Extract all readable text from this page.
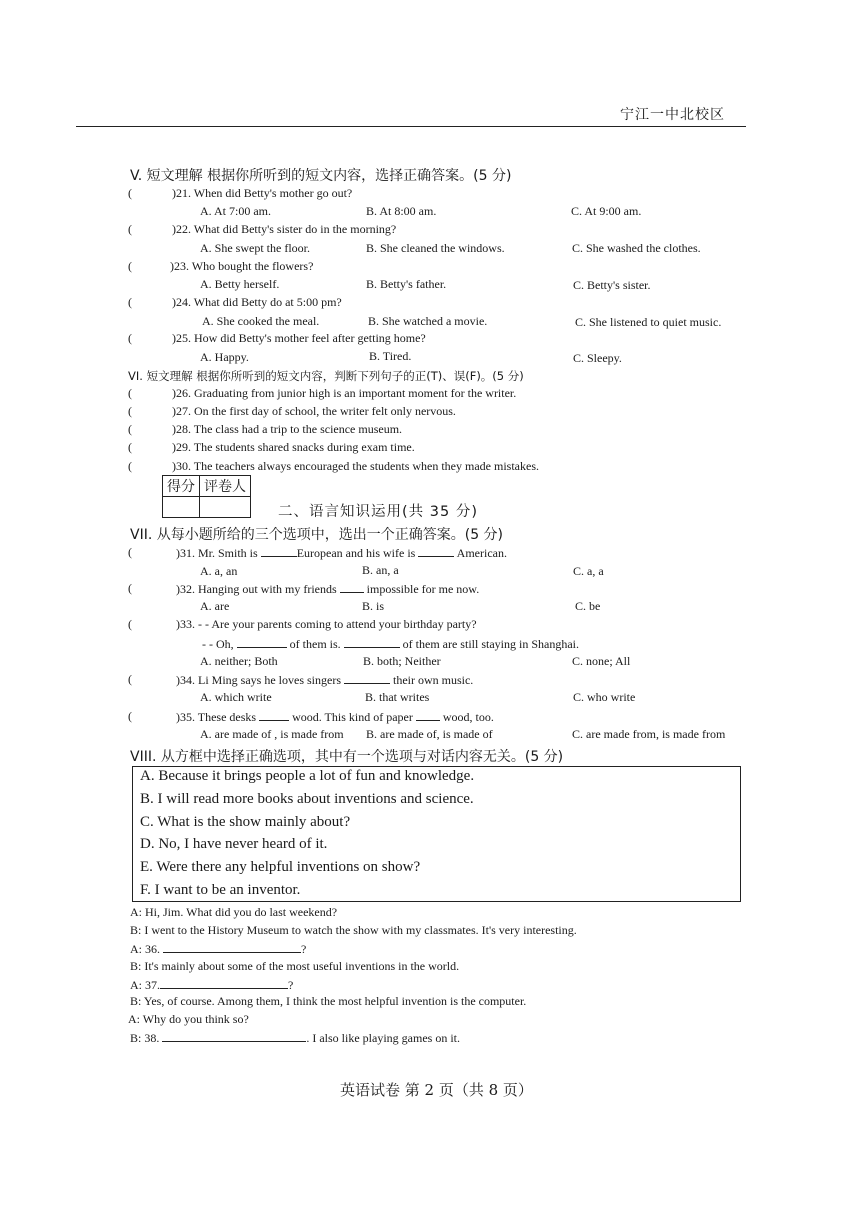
宁江一中北校区
V. 短文理解 根据你所听到的短文内容，选择正确答案。(5 分)
(	)21. When did Betty's mother go out?
A. At 7:00 am.	B. At 8:00 am.	C. At 9:00 am.
(	)22. What did Betty's sister do in the morning?
A. She swept the floor.	B. She cleaned the windows.	C. She washed the clothes.
(	)23. Who bought the flowers?
A. Betty herself.	B. Betty's father.	C. Betty's sister.
(	)24. What did Betty do at 5:00 pm?
A. She cooked the meal.	B. She watched a movie.	C. She listened to quiet music.
(	)25. How did Betty's mother feel after getting home?
A. Happy.	B. Tired.	C. Sleepy.
VI. 短文理解 根据你所听到的短文内容，判断下列句子的正(T)、误(F)。(5 分)
(	)26. Graduating from junior high is an important moment for the writer.
(	)27. On the first day of school, the writer felt only nervous.
(	)28. The class had a trip to the science museum.
(	)29. The students shared snacks during exam time.
(	)30. The teachers always encouraged the students when they made mistakes.
得分	评卷人

二、语言知识运用(共 35 分)
VII. 从每小题所给的三个选项中，选出一个正确答案。(5 分)
(	)31. Mr. Smith is	European and his wife is	American.
A. a, an	B. an, a	C. a, a
(	)32. Hanging out with my friends	impossible for me now.
A. are	B. is	C. be
(	)33. - - Are your parents coming to attend your birthday party?
- - Oh,	of them is.	of them are still staying in Shanghai.
A. neither; Both	B. both; Neither	C. none; All
(	)34. Li Ming says he loves singers	their own music.
A. which write	B. that writes	C. who write
(	)35. These desks	wood. This kind of paper	wood, too.
A. are made of , is made from B. are made of, is made of	C. are made from, is made from
VIII. 从方框中选择正确选项，其中有一个选项与对话内容无关。(5 分)
A. Because it brings people a lot of fun and knowledge.
B. I will read more books about inventions and science.
C. What is the show mainly about?
D. No, I have never heard of it.
E. Were there any helpful inventions on show?
F. I want to be an inventor.
A: Hi, Jim. What did you do last weekend?
B: I went to the History Museum to watch the show with my classmates. It's very interesting.
A: 36.	?
B: It's mainly about some of the most useful inventions in the world.
A: 37.	?
B: Yes, of course. Among them, I think the most helpful invention is the computer.
A: Why do you think so?
B: 38.	. I also like playing games on it.
英语试卷 第 2 页（共 8 页）
